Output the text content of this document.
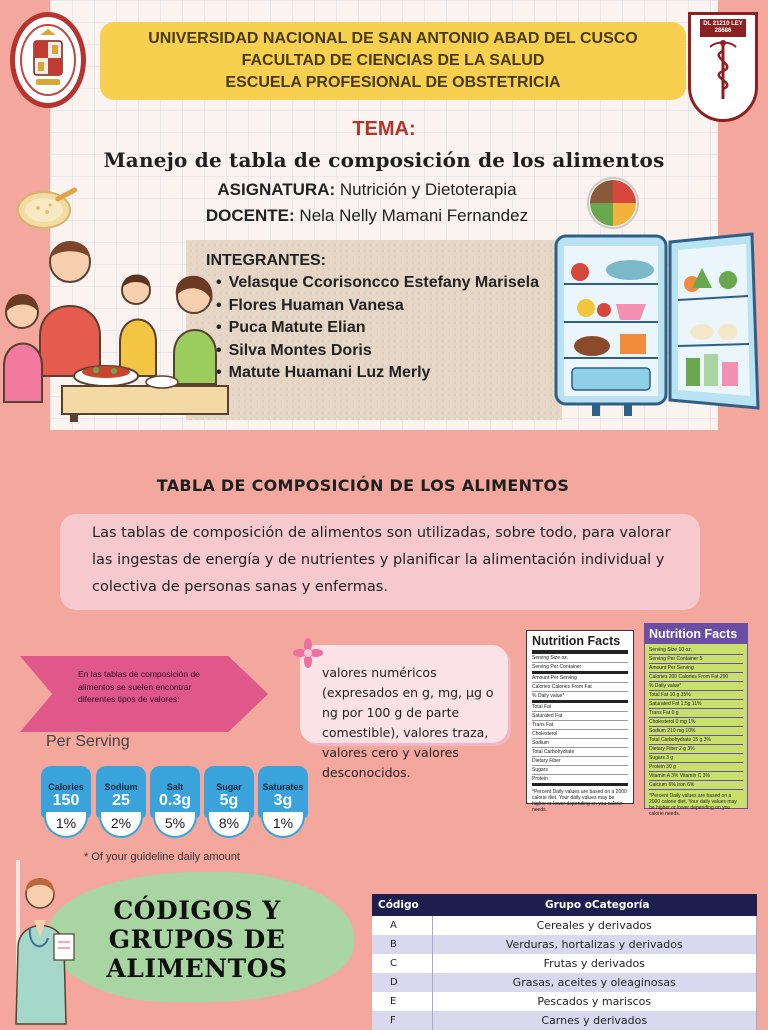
UNIVERSIDAD NACIONAL DE SAN ANTONIO ABAD DEL CUSCO
FACULTAD DE CIENCIAS DE LA SALUD
ESCUELA PROFESIONAL DE OBSTETRICIA
DL 21210 LEY 28686
TEMA:
Manejo de tabla de composición de los alimentos
ASIGNATURA: Nutrición y Dietoterapia
DOCENTE: Nela Nelly Mamani Fernandez
INTEGRANTES:
• Velasque Ccorisoncco Estefany Marisela
• Flores Huaman Vanesa
• Puca Matute Elian
• Silva Montes Doris
• Matute Huamani Luz Merly
TABLA DE COMPOSICIÓN DE LOS ALIMENTOS
Las tablas de composición de alimentos son utilizadas, sobre todo, para valorar las ingestas de energía y de nutrientes y planificar la alimentación individual y colectiva de personas sanas y enfermas.
En las tablas de composición de alimentos se suelen encontrar diferentes tipos de valores:
Per Serving
Calories
150
1%
Sodium
25
2%
Salt
0.3g
5%
Sugar
5g
8%
Saturates
3g
1%
* Of your guideline daily amount
valores numéricos (expresados en g, mg, µg o ng por 100 g de parte comestible), valores traza, valores cero y valores desconocidos.
Nutrition Facts
Serving Size oz.
Serving Per Container
Amount Per Serving
Calories Calories From Fat
% Daily value*
Total Fat
Saturated Fat
Trans Fat
Cholesterol
Sodium
Total Carbohydrate
Dietary Fiber
Sugars
Protein
*Percent Daily values are based on a 2000 calorie diet. Your daily values may be higher or lower depending on you calorie needs.
Nutrition Facts
Serving Size 10 oz.
Serving Per Container 5
Amount Per Serving
Calories 200 Calories From Fat 200
% Daily value*
Total Fat 10 g 35%
Saturated Fat 1.5g 11%
Trans Fat 0 g
Cholesterol 0 mg 1%
Sodium 210 mg 10%
Total Carbohydrate 15 g 3%
Dietary Fiber 2 g 3%
Sugars 3 g
Protein 30 g
Vitamin A 3% Vitamin C 3%
Calcium 6% Iron 6%
*Percent Daily values are based on a 2000 calorie diet. Your daily values may be higher or lower depending on you calorie needs.
CÓDIGOS Y
GRUPOS DE
ALIMENTOS
Código	Grupo oCategoría
A	Cereales y derivados
B	Verduras, hortalizas y derivados
C	Frutas y derivados
D	Grasas, aceites y oleaginosas
E	Pescados y mariscos
F	Carnes y derivados
